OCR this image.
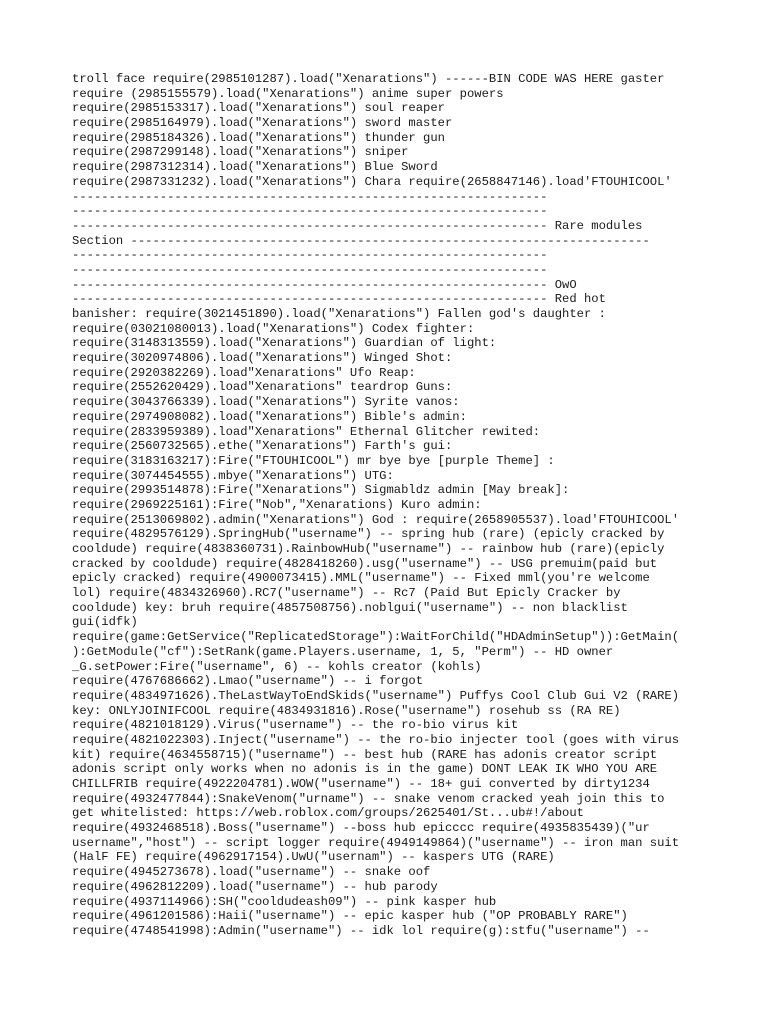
troll face require(2985101287).load("Xenarations") ------BIN CODE WAS HERE gaster
require (2985155579).load("Xenarations") anime super powers
require(2985153317).load("Xenarations") soul reaper
require(2985164979).load("Xenarations") sword master
require(2985184326).load("Xenarations") thunder gun
require(2987299148).load("Xenarations") sniper
require(2987312314).load("Xenarations") Blue Sword
require(2987331232).load("Xenarations") Chara require(2658847146).load'FTOUHICOOL'
-----------------------------------------------------------------
-----------------------------------------------------------------
----------------------------------------------------------------- Rare modules
Section -----------------------------------------------------------------------
-----------------------------------------------------------------
-----------------------------------------------------------------
----------------------------------------------------------------- OwO
----------------------------------------------------------------- Red hot
banisher: require(3021451890).load("Xenarations") Fallen god's daughter :
require(03021080013).load("Xenarations") Codex fighter:
require(3148313559).load("Xenarations") Guardian of light:
require(3020974806).load("Xenarations") Winged Shot:
require(2920382269).load"Xenarations" Ufo Reap:
require(2552620429).load"Xenarations" teardrop Guns:
require(3043766339).load("Xenarations") Syrite vanos:
require(2974908082).load("Xenarations") Bible's admin:
require(2833959389).load"Xenarations" Ethernal Glitcher rewited:
require(2560732565).ethe("Xenarations") Farth's gui:
require(3183163217):Fire("FTOUHICOOL") mr bye bye [purple Theme] :
require(3074454555).mbye("Xenarations") UTG:
require(2993514878):Fire("Xenarations") Sigmabldz admin [May break]:
require(2969225161):Fire("Nob","Xenarations) Kuro admin:
require(2513069802).admin("Xenarations") God : require(2658905537).load'FTOUHICOOL'
require(4829576129).SpringHub("username") -- spring hub (rare) (epicly cracked by
cooldude) require(4838360731).RainbowHub("username") -- rainbow hub (rare)(epicly
cracked by cooldude) require(4828418260).usg("username") -- USG premuim(paid but
epicly cracked) require(4900073415).MML("username") -- Fixed mml(you're welcome
lol) require(4834326960).RC7("username") -- Rc7 (Paid But Epicly Cracker by
cooldude) key: bruh require(4857508756).noblgui("username") -- non blacklist
gui(idfk)
require(game:GetService("ReplicatedStorage"):WaitForChild("HDAdminSetup")):GetMain(
):GetModule("cf"):SetRank(game.Players.username, 1, 5, "Perm") -- HD owner
_G.setPower:Fire("username", 6) -- kohls creator (kohls)
require(4767686662).Lmao("username") -- i forgot
require(4834971626).TheLastWayToEndSkids("username") Puffys Cool Club Gui V2 (RARE)
key: ONLYJOINIFCOOL require(4834931816).Rose("username") rosehub ss (RA RE)
require(4821018129).Virus("username") -- the ro-bio virus kit
require(4821022303).Inject("username") -- the ro-bio injecter tool (goes with virus
kit) require(4634558715)("username") -- best hub (RARE has adonis creator script
adonis script only works when no adonis is in the game) DONT LEAK IK WHO YOU ARE
CHILLFRIB require(4922204781).WOW("username") -- 18+ gui converted by dirty1234
require(4932477844):SnakeVenom("urname") -- snake venom cracked yeah join this to
get whitelisted: https://web.roblox.com/groups/2625401/St...ub#!/about
require(4932468518).Boss("username") --boss hub epicccc require(4935835439)("ur
username","host") -- script logger require(4949149864)("username") -- iron man suit
(HalF FE) require(4962917154).UwU("usernam") -- kaspers UTG (RARE)
require(4945273678).load("username") -- snake oof
require(4962812209).load("username") -- hub parody
require(4937114966):SH("cooldudeash09") -- pink kasper hub
require(4961201586):Haii("username") -- epic kasper hub ("OP PROBABLY RARE")
require(4748541998):Admin("username") -- idk lol require(g):stfu("username") --
